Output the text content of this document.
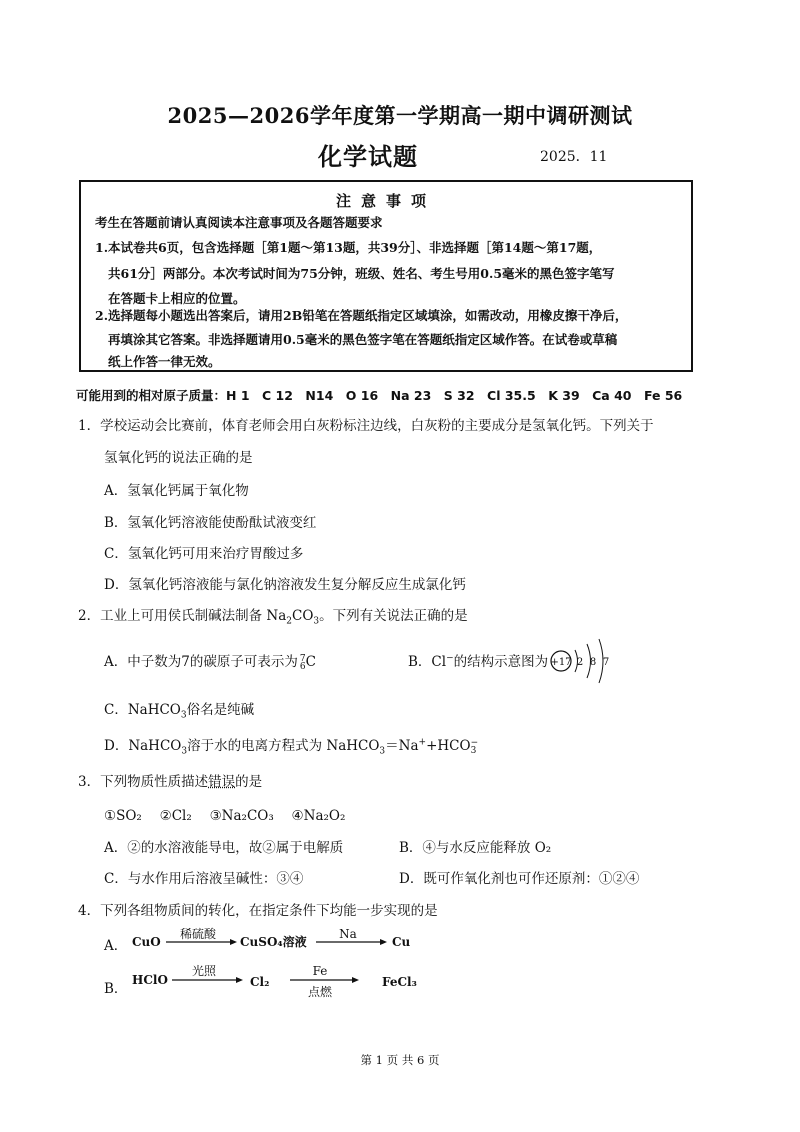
2025—2026学年度第一学期高一期中调研测试
化学试题	2025．11
注意事项
考生在答题前请认真阅读本注意事项及各题答题要求
1.本试卷共6页，包含选择题［第1题～第13题，共39分］、非选择题［第14题～第17题，
共61分］两部分。本次考试时间为75分钟，班级、姓名、考生号用0.5毫米的黑色签字笔写
在答题卡上相应的位置。
2.选择题每小题选出答案后，请用2B铅笔在答题纸指定区域填涂，如需改动，用橡皮擦干净后，
再填涂其它答案。非选择题请用0.5毫米的黑色签字笔在答题纸指定区域作答。在试卷或草稿
纸上作答一律无效。
可能用到的相对原子质量：H 1　C 12　N14　O 16　Na 23　S 32　Cl 35.5　K 39　Ca 40　Fe 56
1．学校运动会比赛前，体育老师会用白灰粉标注边线，白灰粉的主要成分是氢氧化钙。下列关于
氢氧化钙的说法正确的是
A．氢氧化钙属于氧化物
B．氢氧化钙溶液能使酚酞试液变红
C．氢氧化钙可用来治疗胃酸过多
D．氢氧化钙溶液能与氯化钠溶液发生复分解反应生成氯化钙
2．工业上可用侯氏制碱法制备 $Na_2CO_3$。下列有关说法正确的是
A．中子数为7的碳原子可表示为 7
6 C	B．Cl−的结构示意图为 +17 2 8 7
C．NaHCO$_3$俗名是纯碱
D．NaHCO$_3$溶于水的电离方程式为 NaHCO$_3$＝Na++HCO −
3
3．下列物质性质描述错误的是
①SO₂　 ②Cl₂　 ③Na₂CO₃　 ④Na₂O₂
A．②的水溶液能导电，故②属于电解质	B．④与水反应能释放 O₂
C．与水作用后溶液呈碱性：③④	D．既可作氧化剂也可作还原剂：①②④
4．下列各组物质间的转化，在指定条件下均能一步实现的是
A． CuO
稀硫酸
CuSO₄溶液
Na
Cu
B．
HClO
光照
Cl₂
Fe
点燃
FeCl₃
第 1 页 共 6 页
